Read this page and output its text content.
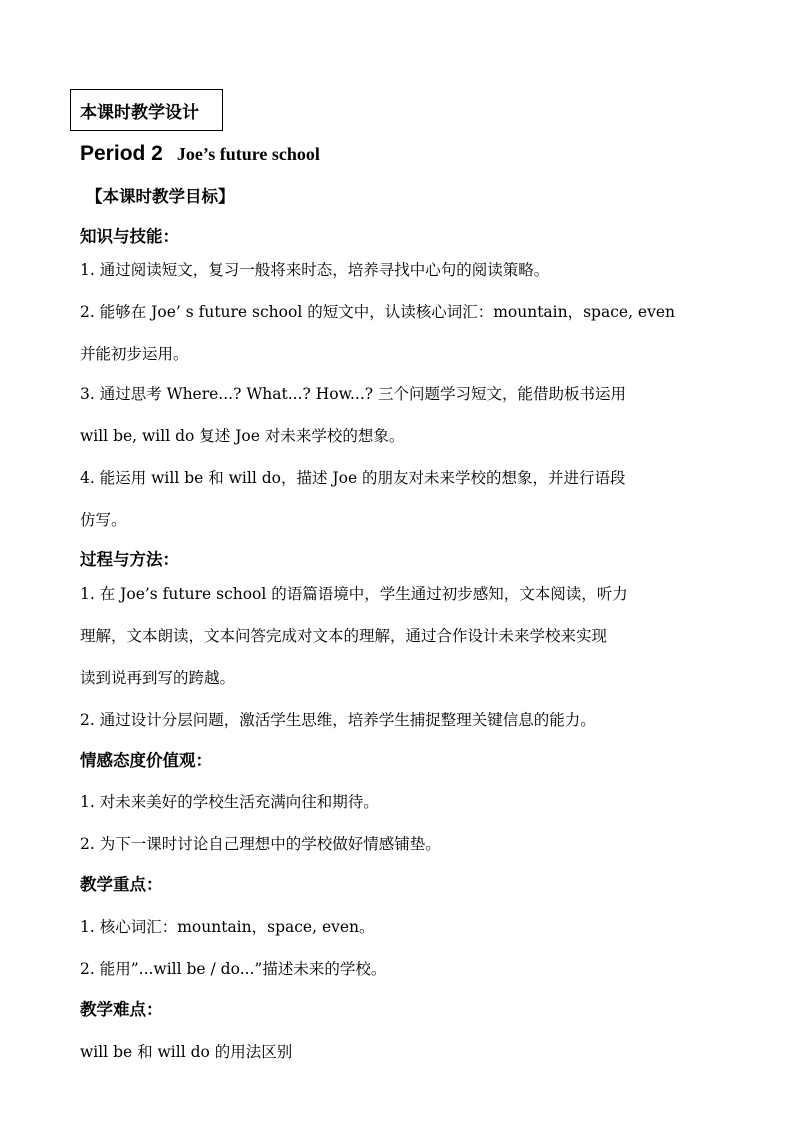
本课时教学设计
Period 2 Joe’s future school
【本课时教学目标】
知识与技能：
1. 通过阅读短文，复习一般将来时态，培养寻找中心句的阅读策略。
2. 能够在 Joe’ s future school 的短文中，认读核心词汇：mountain，space, even
并能初步运用。
3. 通过思考 Where...? What...? How...? 三个问题学习短文，能借助板书运用
will be, will do 复述 Joe 对未来学校的想象。
4. 能运用 will be 和 will do，描述 Joe 的朋友对未来学校的想象，并进行语段
仿写。
过程与方法：
1. 在 Joe’s future school 的语篇语境中，学生通过初步感知，文本阅读，听力
理解，文本朗读，文本问答完成对文本的理解，通过合作设计未来学校来实现
读到说再到写的跨越。
2. 通过设计分层问题，激活学生思维，培养学生捕捉整理关键信息的能力。
情感态度价值观：
1. 对未来美好的学校生活充满向往和期待。
2. 为下一课时讨论自己理想中的学校做好情感铺垫。
教学重点：
1. 核心词汇：mountain，space, even。
2. 能用”...will be / do...”描述未来的学校。
教学难点：
will be 和 will do 的用法区别
